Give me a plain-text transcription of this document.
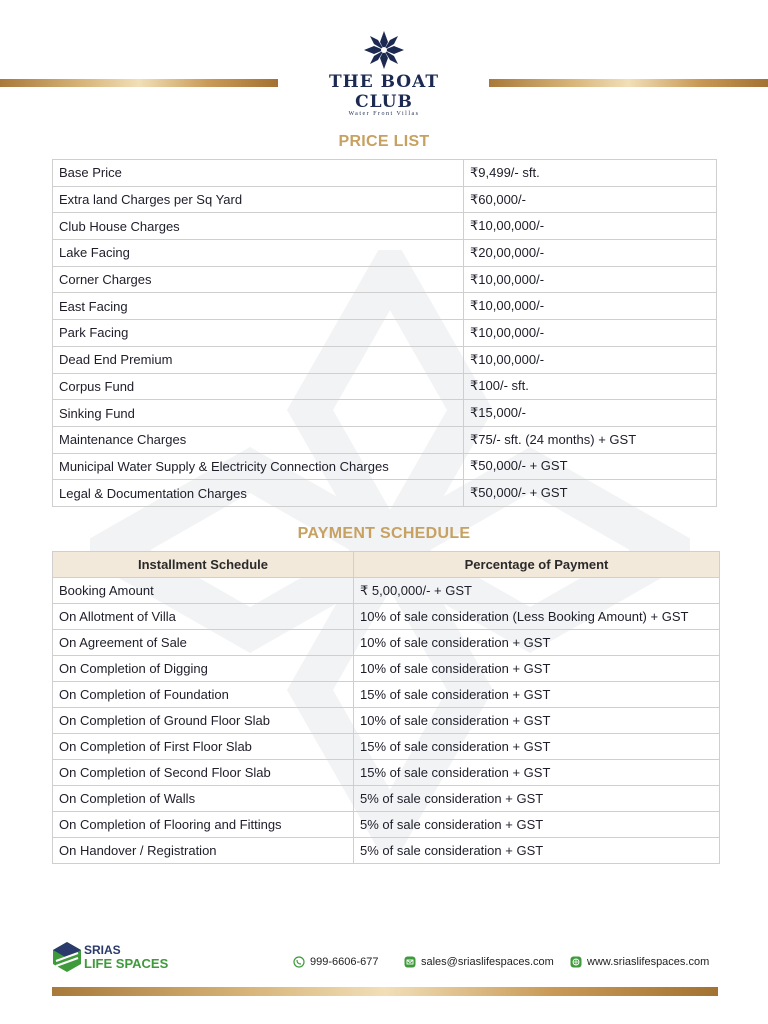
THE BOAT CLUB
Water Front Villas
PRICE LIST
Base Price	₹9,499/- sft.
Extra land Charges per Sq Yard	₹60,000/-
Club House Charges	₹10,00,000/-
Lake Facing	₹20,00,000/-
Corner Charges	₹10,00,000/-
East Facing	₹10,00,000/-
Park Facing	₹10,00,000/-
Dead End Premium	₹10,00,000/-
Corpus Fund	₹100/- sft.
Sinking Fund	₹15,000/-
Maintenance Charges	₹75/- sft. (24 months) + GST
Municipal Water Supply & Electricity Connection Charges	₹50,000/- + GST
Legal & Documentation Charges	₹50,000/- + GST
PAYMENT SCHEDULE
Installment Schedule	Percentage of Payment
Booking Amount	₹ 5,00,000/- + GST
On Allotment of Villa	10% of sale consideration (Less Booking Amount) + GST
On Agreement of Sale	10% of sale consideration + GST
On Completion of Digging	10% of sale consideration + GST
On Completion of Foundation	15% of sale consideration + GST
On Completion of Ground Floor Slab	10% of sale consideration + GST
On Completion of First Floor Slab	15% of sale consideration + GST
On Completion of Second Floor Slab	15% of sale consideration + GST
On Completion of Walls	5% of sale consideration + GST
On Completion of Flooring and Fittings	5% of sale consideration + GST
On Handover / Registration	5% of sale consideration + GST
SRIAS
LIFE SPACES	999-6606-677	sales@sriaslifespaces.com	www.sriaslifespaces.com
